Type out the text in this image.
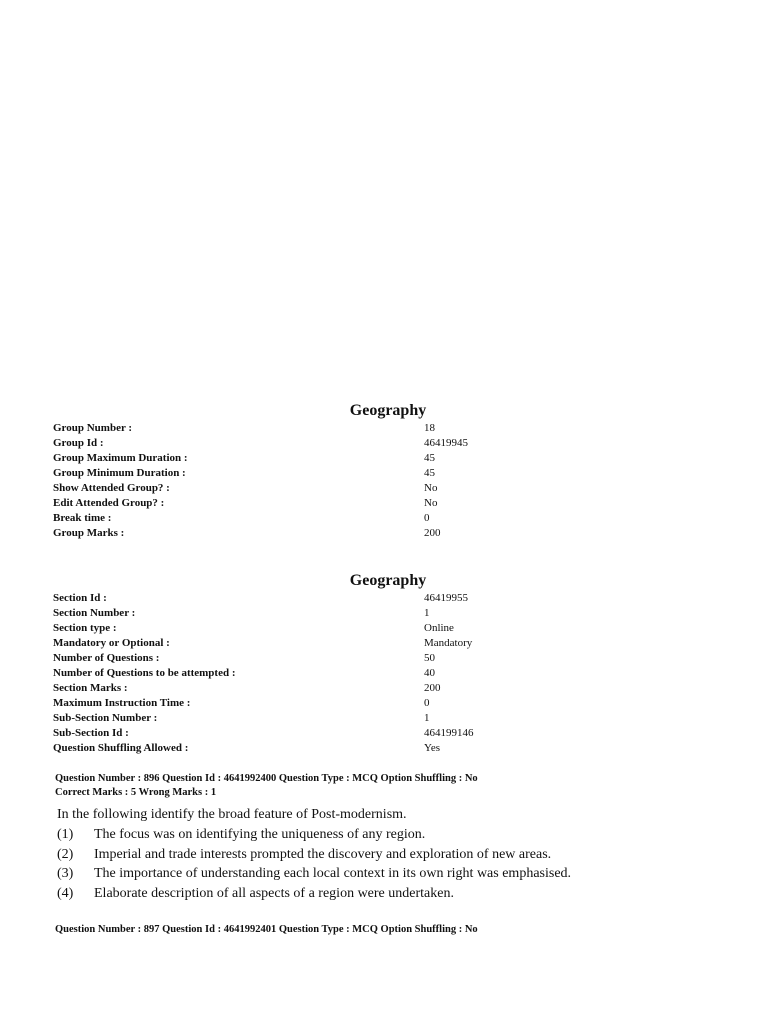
Geography
Group Number :	18
Group Id :	46419945
Group Maximum Duration :	45
Group Minimum Duration :	45
Show Attended Group? :	No
Edit Attended Group? :	No
Break time :	0
Group Marks :	200
Geography
Section Id :	46419955
Section Number :	1
Section type :	Online
Mandatory or Optional :	Mandatory
Number of Questions :	50
Number of Questions to be attempted :	40
Section Marks :	200
Maximum Instruction Time :	0
Sub-Section Number :	1
Sub-Section Id :	464199146
Question Shuffling Allowed :	Yes
Question Number : 896 Question Id : 4641992400 Question Type : MCQ Option Shuffling : No
Correct Marks : 5 Wrong Marks : 1
In the following identify the broad feature of Post-modernism.
(1) The focus was on identifying the uniqueness of any region.
(2) Imperial and trade interests prompted the discovery and exploration of new areas.
(3) The importance of understanding each local context in its own right was emphasised.
(4) Elaborate description of all aspects of a region were undertaken.
Question Number : 897 Question Id : 4641992401 Question Type : MCQ Option Shuffling : No
